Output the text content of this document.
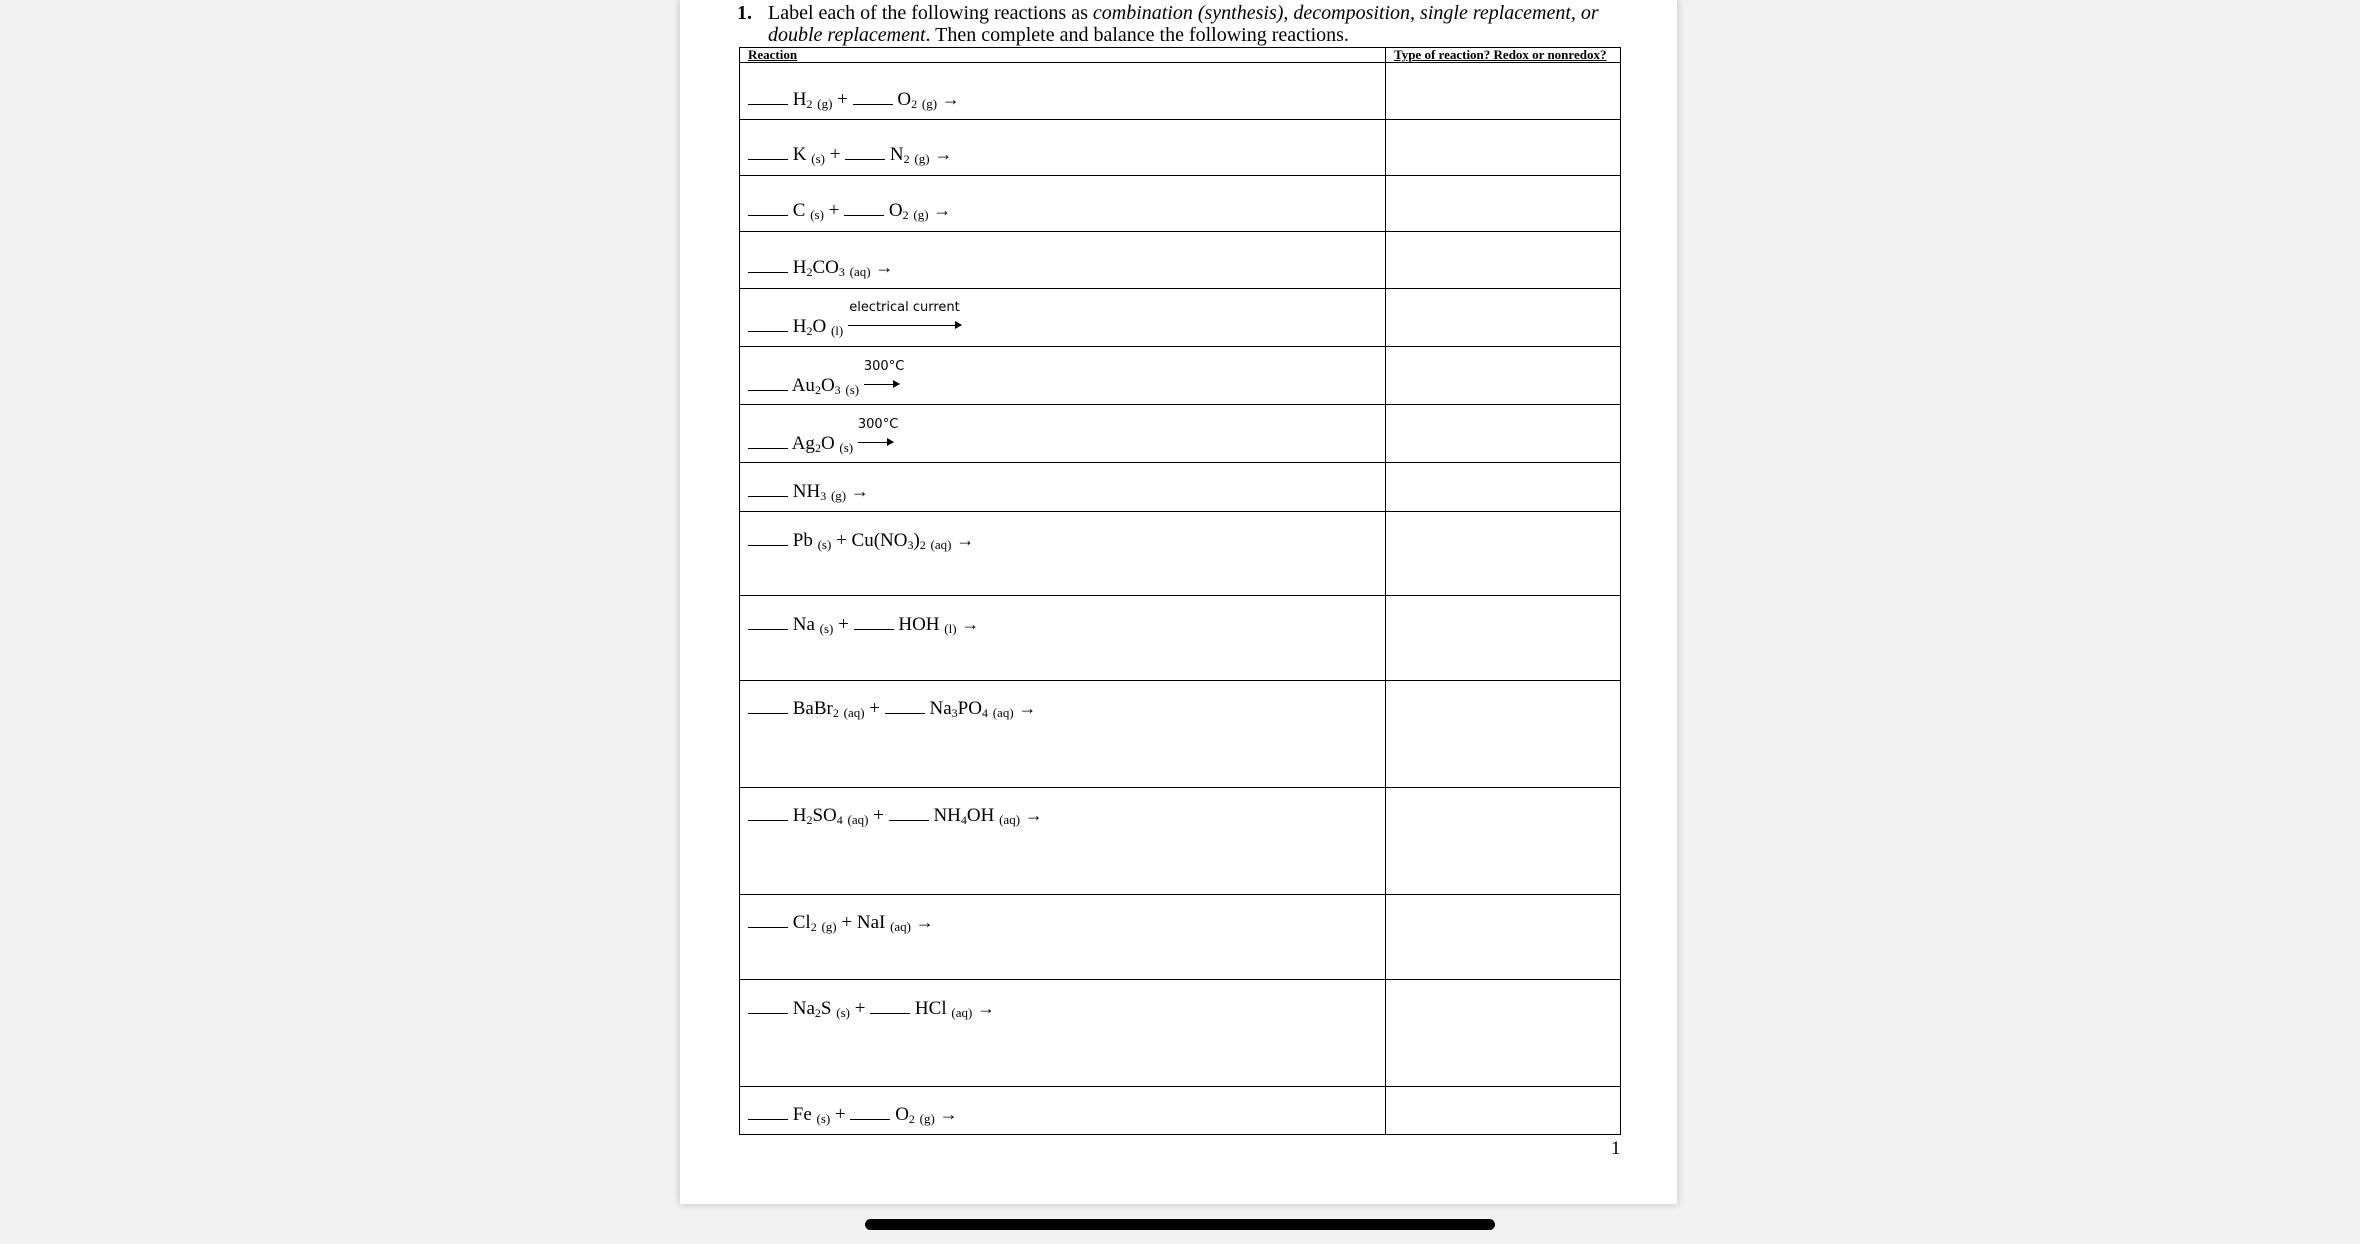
1. Label each of the following reactions as combination (synthesis), decomposition, single replacement, or double replacement. Then complete and balance the following reactions.
Reaction	Type of reaction? Redox or nonredox?

$H_2$ $(g) + O_2$ (g) →	

K $(s) + N_2$ (g) →	

C $(s) + O_2$ (g) →	

$H_2CO_3$ (aq) →	

$H_2O$ (l)
electrical current	

$Au_2O_3$ (s)
300°C	

$Ag_2O$ (s)
300°C	

$NH_3$ (g) →	

Pb $(s) + Cu(NO_3)_2$ (aq) →	

Na (s) + HOH (l) →	

BaBr$_2$ $(aq) + Na_3PO_4$ (aq) →	

$H_2SO_4$ $(aq) + NH_4OH$ (aq) →	

$Cl_2$ (g) + NaI (aq) →	

$Na_2S$ (s) + HCl (aq) →	

Fe $(s) + O_2$ (g) →	

1
